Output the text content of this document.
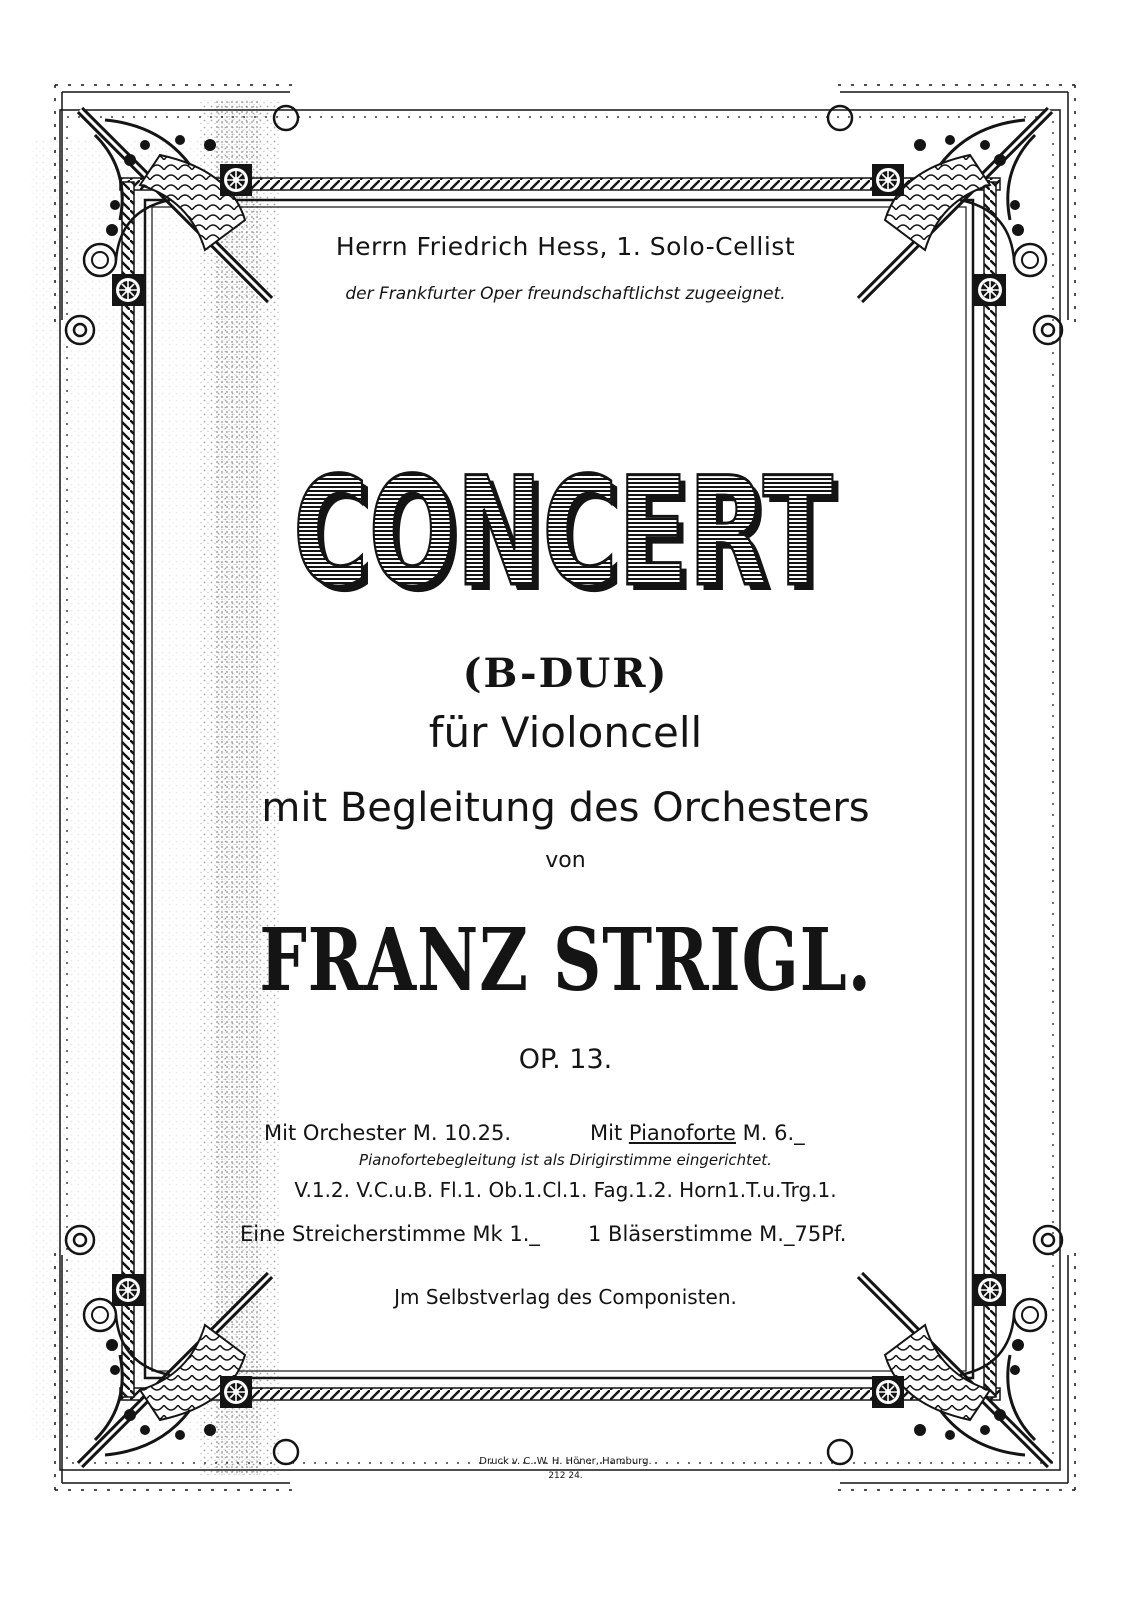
Herrn Friedrich Hess, 1. Solo-Cellist
der Frankfurter Oper freundschaftlichst zugeeignet.
CONCERT
CONCERT
(B-DUR)
für Violoncell
mit Begleitung des Orchesters
von
FRANZ STRIGL.
OP. 13.
Mit Orchester M. 10.25.	Mit Pianoforte M. 6._
Pianofortebegleitung ist als Dirigirstimme eingerichtet.
V.1.2. V.C.u.B. Fl.1. Ob.1.Cl.1. Fag.1.2. Horn1.T.u.Trg.1.
Eine Streicherstimme Mk 1._ 1 Bläserstimme M._75Pf.
Jm Selbstverlag des Componisten.
Druck v. C. W. H. Höner, Hamburg.
212 24.
